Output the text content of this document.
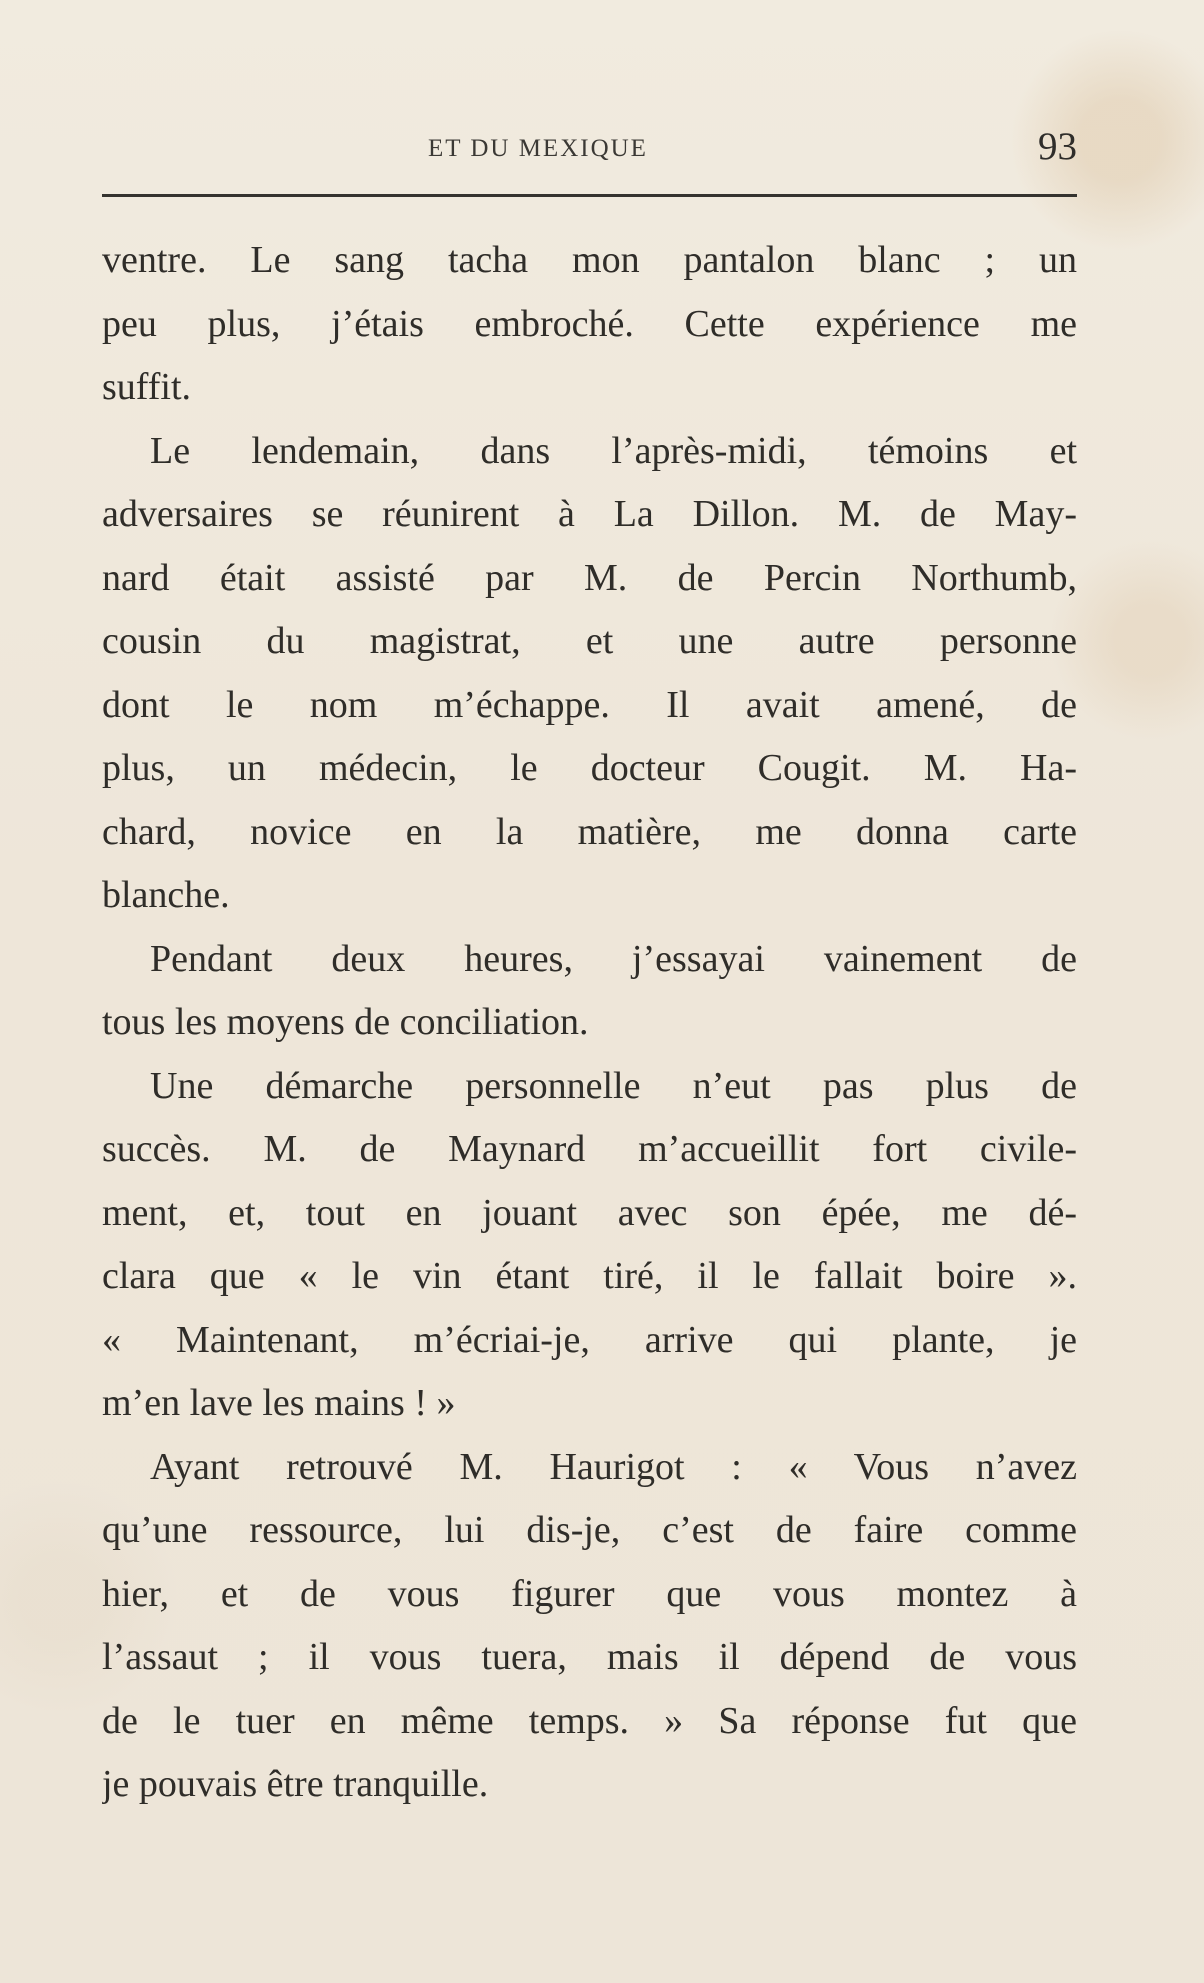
ET DU MEXIQUE	93
ventre. Le sang tacha mon pantalon blanc ; un
peu plus, j’étais embroché. Cette expérience me
suffit.
Le lendemain, dans l’après-midi, témoins et
adversaires se réunirent à La Dillon. M. de May-
nard était assisté par M. de Percin Northumb,
cousin du magistrat, et une autre personne
dont le nom m’échappe. Il avait amené, de
plus, un médecin, le docteur Cougit. M. Ha-
chard, novice en la matière, me donna carte
blanche.
Pendant deux heures, j’essayai vainement de
tous les moyens de conciliation.
Une démarche personnelle n’eut pas plus de
succès. M. de Maynard m’accueillit fort civile-
ment, et, tout en jouant avec son épée, me dé-
clara que « le vin étant tiré, il le fallait boire ».
« Maintenant, m’écriai-je, arrive qui plante, je
m’en lave les mains ! »
Ayant retrouvé M. Haurigot : « Vous n’avez
qu’une ressource, lui dis-je, c’est de faire comme
hier, et de vous figurer que vous montez à
l’assaut ; il vous tuera, mais il dépend de vous
de le tuer en même temps. » Sa réponse fut que
je pouvais être tranquille.
